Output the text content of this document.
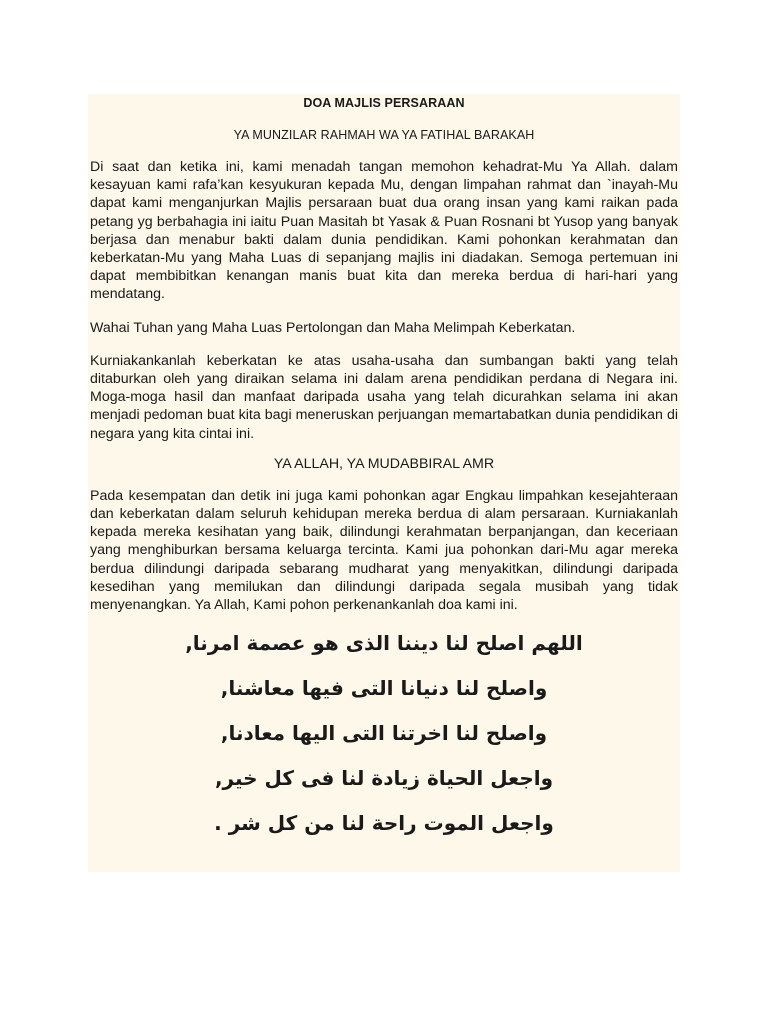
DOA MAJLIS PERSARAAN
YA MUNZILAR RAHMAH WA YA FATIHAL BARAKAH

Di saat dan ketika ini, kami menadah tangan memohon kehadrat-Mu Ya Allah. dalam kesayuan kami rafa’kan kesyukuran kepada Mu, dengan limpahan rahmat dan `inayah-Mu dapat kami menganjurkan Majlis persaraan buat dua orang insan yang kami raikan pada petang yg berbahagia ini iaitu Puan Masitah bt Yasak & Puan Rosnani bt Yusop yang banyak berjasa dan menabur bakti dalam dunia pendidikan. Kami pohonkan kerahmatan dan keberkatan-Mu yang Maha Luas di sepanjang majlis ini diadakan. Semoga pertemuan ini dapat membibitkan kenangan manis buat kita dan mereka berdua di hari-hari yang mendatang.

Wahai Tuhan yang Maha Luas Pertolongan dan Maha Melimpah Keberkatan.

Kurniakankanlah keberkatan ke atas usaha-usaha dan sumbangan bakti yang telah ditaburkan oleh yang diraikan selama ini dalam arena pendidikan perdana di Negara ini. Moga-moga hasil dan manfaat daripada usaha yang telah dicurahkan selama ini akan menjadi pedoman buat kita bagi meneruskan perjuangan memartabatkan dunia pendidikan di negara yang kita cintai ini.

YA ALLAH, YA MUDABBIRAL AMR

Pada kesempatan dan detik ini juga kami pohonkan agar Engkau limpahkan kesejahteraan dan keberkatan dalam seluruh kehidupan mereka berdua di alam persaraan. Kurniakanlah kepada mereka kesihatan yang baik, dilindungi kerahmatan berpanjangan, dan keceriaan yang menghiburkan bersama keluarga tercinta. Kami jua pohonkan dari-Mu agar mereka berdua dilindungi daripada sebarang mudharat yang menyakitkan, dilindungi daripada kesedihan yang memilukan dan dilindungi daripada segala musibah yang tidak menyenangkan. Ya Allah, Kami pohon perkenankanlah doa kami ini.

اللهم اصلح لنا ديننا الذى هو عصمة امرنا,

واصلح لنا دنيانا التى فيها معاشنا,

واصلح لنا اخرتنا التى اليها معادنا,

واجعل الحياة زيادة لنا فى كل خير,

واجعل الموت راحة لنا من كل شر .
